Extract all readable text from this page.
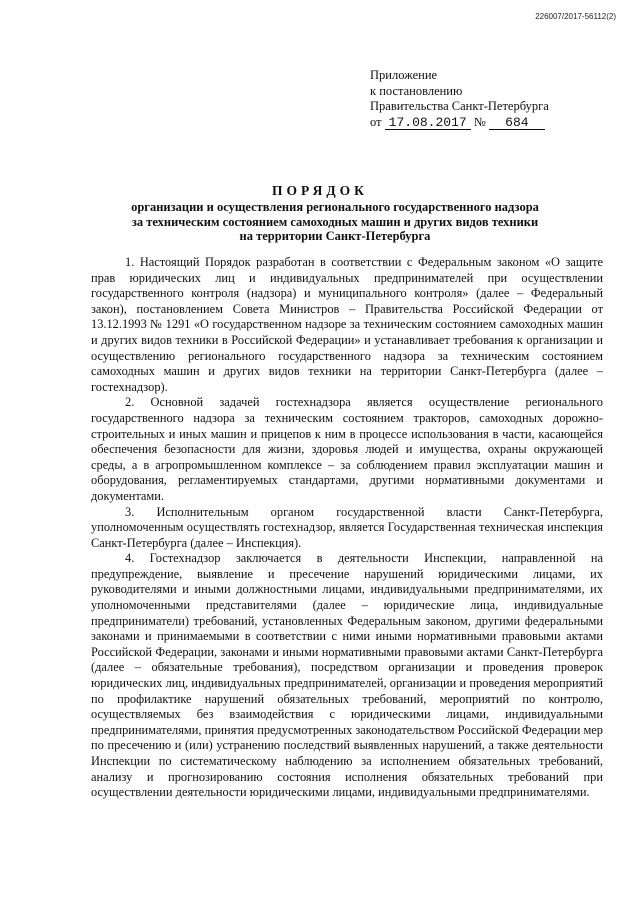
226007/2017-56112(2)
Приложение
к постановлению
Правительства Санкт-Петербурга
от 17.08.2017 № 684
ПОРЯДОК
организации и осуществления регионального государственного надзора
за техническим состоянием самоходных машин и других видов техники
на территории Санкт-Петербурга

1. Настоящий Порядок разработан в соответствии с Федеральным законом «О защите прав юридических лиц и индивидуальных предпринимателей при осуществлении государственного контроля (надзора) и муниципального контроля» (далее – Федеральный закон), постановлением Совета Министров – Правительства Российской Федерации от 13.12.1993 № 1291 «О государственном надзоре за техническим состоянием самоходных машин и других видов техники в Российской Федерации» и устанавливает требования к организации и осуществлению регионального государственного надзора за техническим состоянием самоходных машин и других видов техники на территории Санкт-Петербурга (далее – гостехнадзор).

2. Основной задачей гостехнадзора является осуществление регионального государственного надзора за техническим состоянием тракторов, самоходных дорожно-строительных и иных машин и прицепов к ним в процессе использования в части, касающейся обеспечения безопасности для жизни, здоровья людей и имущества, охраны окружающей среды, а в агропромышленном комплексе – за соблюдением правил эксплуатации машин и оборудования, регламентируемых стандартами, другими нормативными документами и документами.

3. Исполнительным органом государственной власти Санкт-Петербурга, уполномоченным осуществлять гостехнадзор, является Государственная техническая инспекция Санкт-Петербурга (далее – Инспекция).

4. Гостехнадзор заключается в деятельности Инспекции, направленной на предупреждение, выявление и пресечение нарушений юридическими лицами, их руководителями и иными должностными лицами, индивидуальными предпринимателями, их уполномоченными представителями (далее – юридические лица, индивидуальные предприниматели) требований, установленных Федеральным законом, другими федеральными законами и принимаемыми в соответствии с ними иными нормативными правовыми актами Российской Федерации, законами и иными нормативными правовыми актами Санкт-Петербурга (далее – обязательные требования), посредством организации и проведения проверок юридических лиц, индивидуальных предпринимателей, организации и проведения мероприятий по профилактике нарушений обязательных требований, мероприятий по контролю, осуществляемых без взаимодействия с юридическими лицами, индивидуальными предпринимателями, принятия предусмотренных законодательством Российской Федерации мер по пресечению и (или) устранению последствий выявленных нарушений, а также деятельности Инспекции по систематическому наблюдению за исполнением обязательных требований, анализу и прогнозированию состояния исполнения обязательных требований при осуществлении деятельности юридическими лицами, индивидуальными предпринимателями.
